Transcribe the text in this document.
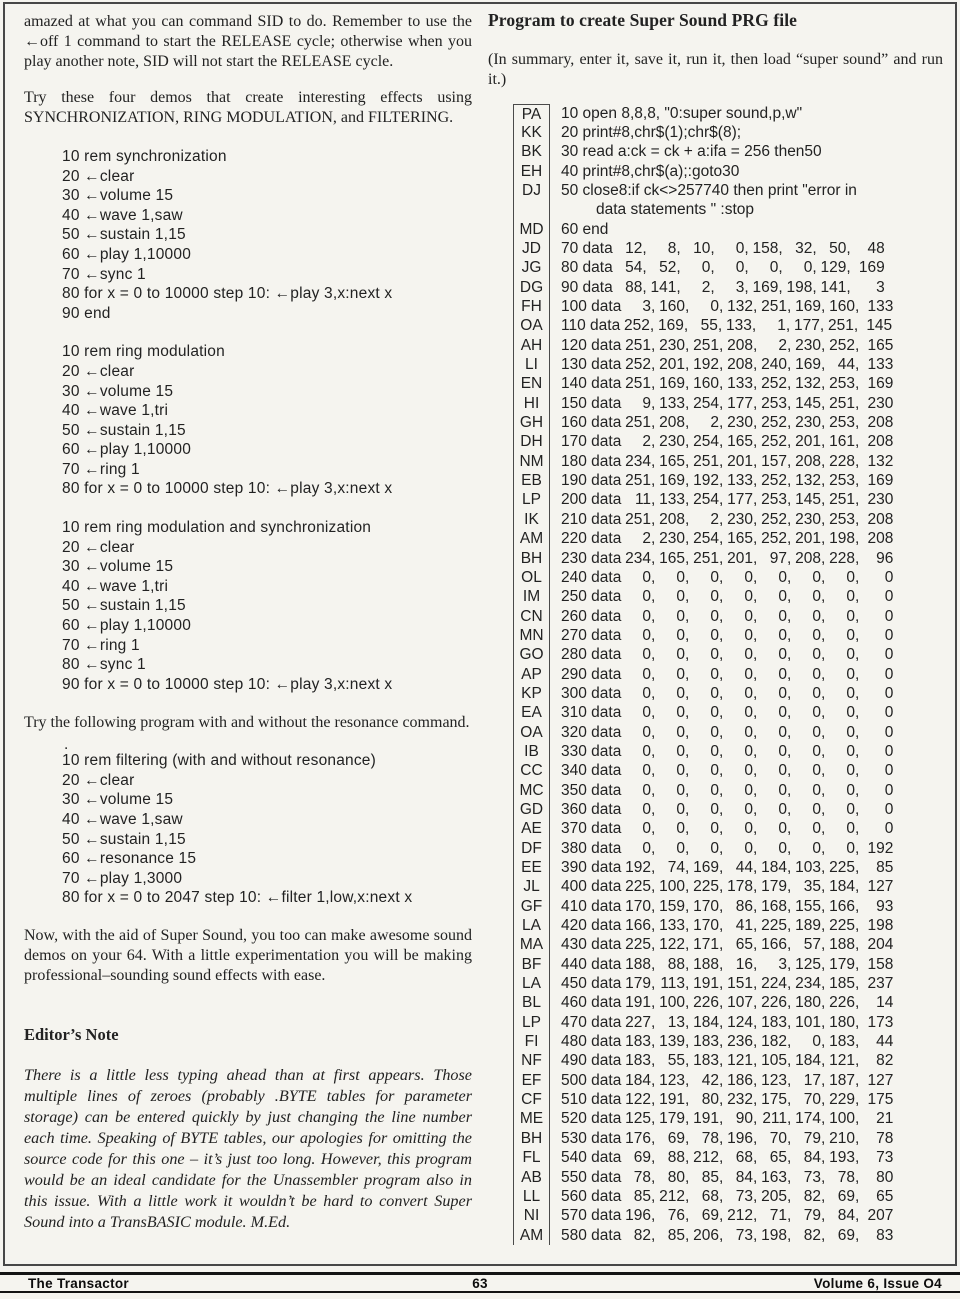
amazed at what you can command SID to do. Remember to use the ←off 1 command to start the RELEASE cycle; otherwise when you play another note, SID will not start the RELEASE cycle.

Try these four demos that create interesting effects using SYNCHRONIZATION, RING MODULATION, and FILTERING.

10 rem synchronization
20 ←clear
30 ←volume 15
40 ←wave 1,saw
50 ←sustain 1,15
60 ←play 1,10000
70 ←sync 1
80 for x = 0 to 10000 step 10: ←play 3,x:next x
90 end
10 rem ring modulation
20 ←clear
30 ←volume 15
40 ←wave 1,tri
50 ←sustain 1,15
60 ←play 1,10000
70 ←ring 1
80 for x = 0 to 10000 step 10: ←play 3,x:next x
10 rem ring modulation and synchronization
20 ←clear
30 ←volume 15
40 ←wave 1,tri
50 ←sustain 1,15
60 ←play 1,10000
70 ←ring 1
80 ←sync 1
90 for x = 0 to 10000 step 10: ←play 3,x:next x

Try the following program with and without the resonance command.

.
10 rem filtering (with and without resonance)
20 ←clear
30 ←volume 15
40 ←wave 1,saw
50 ←sustain 1,15
60 ←resonance 15
70 ←play 1,3000
80 for x = 0 to 2047 step 10: ←filter 1,low,x:next x

Now, with the aid of Super Sound, you too can make awesome sound demos on your 64. With a little experimentation you will be making professional–sounding sound effects with ease.

Editor’s Note

There is a little less typing ahead than at first appears. Those multiple lines of zeroes (probably .BYTE tables for parameter storage) can be entered quickly by just changing the line number each time. Speaking of BYTE tables, our apologies for omitting the source code for this one – it’s just too long. However, this program would be an ideal candidate for the Unassembler program also in this issue. With a little work it wouldn’t be hard to convert Super Sound into a TransBASIC module. M.Ed.

Program to create Super Sound PRG file

(In summary, enter it, save it, run it, then load “super sound” and run it.)

PA	10 open 8,8,8, "0:super sound,p,w"
KK	20 print#8,chr$(1);chr$(8);
BK	30 read a:ck = ck + a:ifa = 256 then50
EH	40 print#8,chr$(a);:goto30
DJ	50 close8:if ck<>257740 then print "error in
data statements " :stop
MD	60 end
JD	70 data 12, 8, 10, 0, 158, 32, 50, 48
JG	80 data 54, 52, 0, 0, 0, 0, 129, 169
DG	90 data 88, 141, 2, 3, 169, 198, 141, 3
FH	100 data 3, 160, 0, 132, 251, 169, 160, 133
OA	110 data 252, 169, 55, 133, 1, 177, 251, 145
AH	120 data 251, 230, 251, 208, 2, 230, 252, 165
LI	130 data 252, 201, 192, 208, 240, 169, 44, 133
EN	140 data 251, 169, 160, 133, 252, 132, 253, 169
HI	150 data 9, 133, 254, 177, 253, 145, 251, 230
GH	160 data 251, 208, 2, 230, 252, 230, 253, 208
DH	170 data 2, 230, 254, 165, 252, 201, 161, 208
NM	180 data 234, 165, 251, 201, 157, 208, 228, 132
EB	190 data 251, 169, 192, 133, 252, 132, 253, 169
LP	200 data 11, 133, 254, 177, 253, 145, 251, 230
IK	210 data 251, 208, 2, 230, 252, 230, 253, 208
AM	220 data 2, 230, 254, 165, 252, 201, 198, 208
BH	230 data 234, 165, 251, 201, 97, 208, 228, 96
OL	240 data 0, 0, 0, 0, 0, 0, 0, 0
IM	250 data 0, 0, 0, 0, 0, 0, 0, 0
CN	260 data 0, 0, 0, 0, 0, 0, 0, 0
MN	270 data 0, 0, 0, 0, 0, 0, 0, 0
GO	280 data 0, 0, 0, 0, 0, 0, 0, 0
AP	290 data 0, 0, 0, 0, 0, 0, 0, 0
KP	300 data 0, 0, 0, 0, 0, 0, 0, 0
EA	310 data 0, 0, 0, 0, 0, 0, 0, 0
OA	320 data 0, 0, 0, 0, 0, 0, 0, 0
IB	330 data 0, 0, 0, 0, 0, 0, 0, 0
CC	340 data 0, 0, 0, 0, 0, 0, 0, 0
MC	350 data 0, 0, 0, 0, 0, 0, 0, 0
GD	360 data 0, 0, 0, 0, 0, 0, 0, 0
AE	370 data 0, 0, 0, 0, 0, 0, 0, 0
DF	380 data 0, 0, 0, 0, 0, 0, 0, 192
EE	390 data 192, 74, 169, 44, 184, 103, 225, 85
JL	400 data 225, 100, 225, 178, 179, 35, 184, 127
GF	410 data 170, 159, 170, 86, 168, 155, 166, 93
LA	420 data 166, 133, 170, 41, 225, 189, 225, 198
MA	430 data 225, 122, 171, 65, 166, 57, 188, 204
BF	440 data 188, 88, 188, 16, 3, 125, 179, 158
LA	450 data 179, 113, 191, 151, 224, 234, 185, 237
BL	460 data 191, 100, 226, 107, 226, 180, 226, 14
LP	470 data 227, 13, 184, 124, 183, 101, 180, 173
FI	480 data 183, 139, 183, 236, 182, 0, 183, 44
NF	490 data 183, 55, 183, 121, 105, 184, 121, 82
EF	500 data 184, 123, 42, 186, 123, 17, 187, 127
CF	510 data 122, 191, 80, 232, 175, 70, 229, 175
ME	520 data 125, 179, 191, 90, 211, 174, 100, 21
BH	530 data 176, 69, 78, 196, 70, 79, 210, 78
FL	540 data 69, 88, 212, 68, 65, 84, 193, 73
AB	550 data 78, 80, 85, 84, 163, 73, 78, 80
LL	560 data 85, 212, 68, 73, 205, 82, 69, 65
NI	570 data 196, 76, 69, 212, 71, 79, 84, 207
AM	580 data 82, 85, 206, 73, 198, 82, 69, 83
The Transactor	63	Volume 6, Issue O4
